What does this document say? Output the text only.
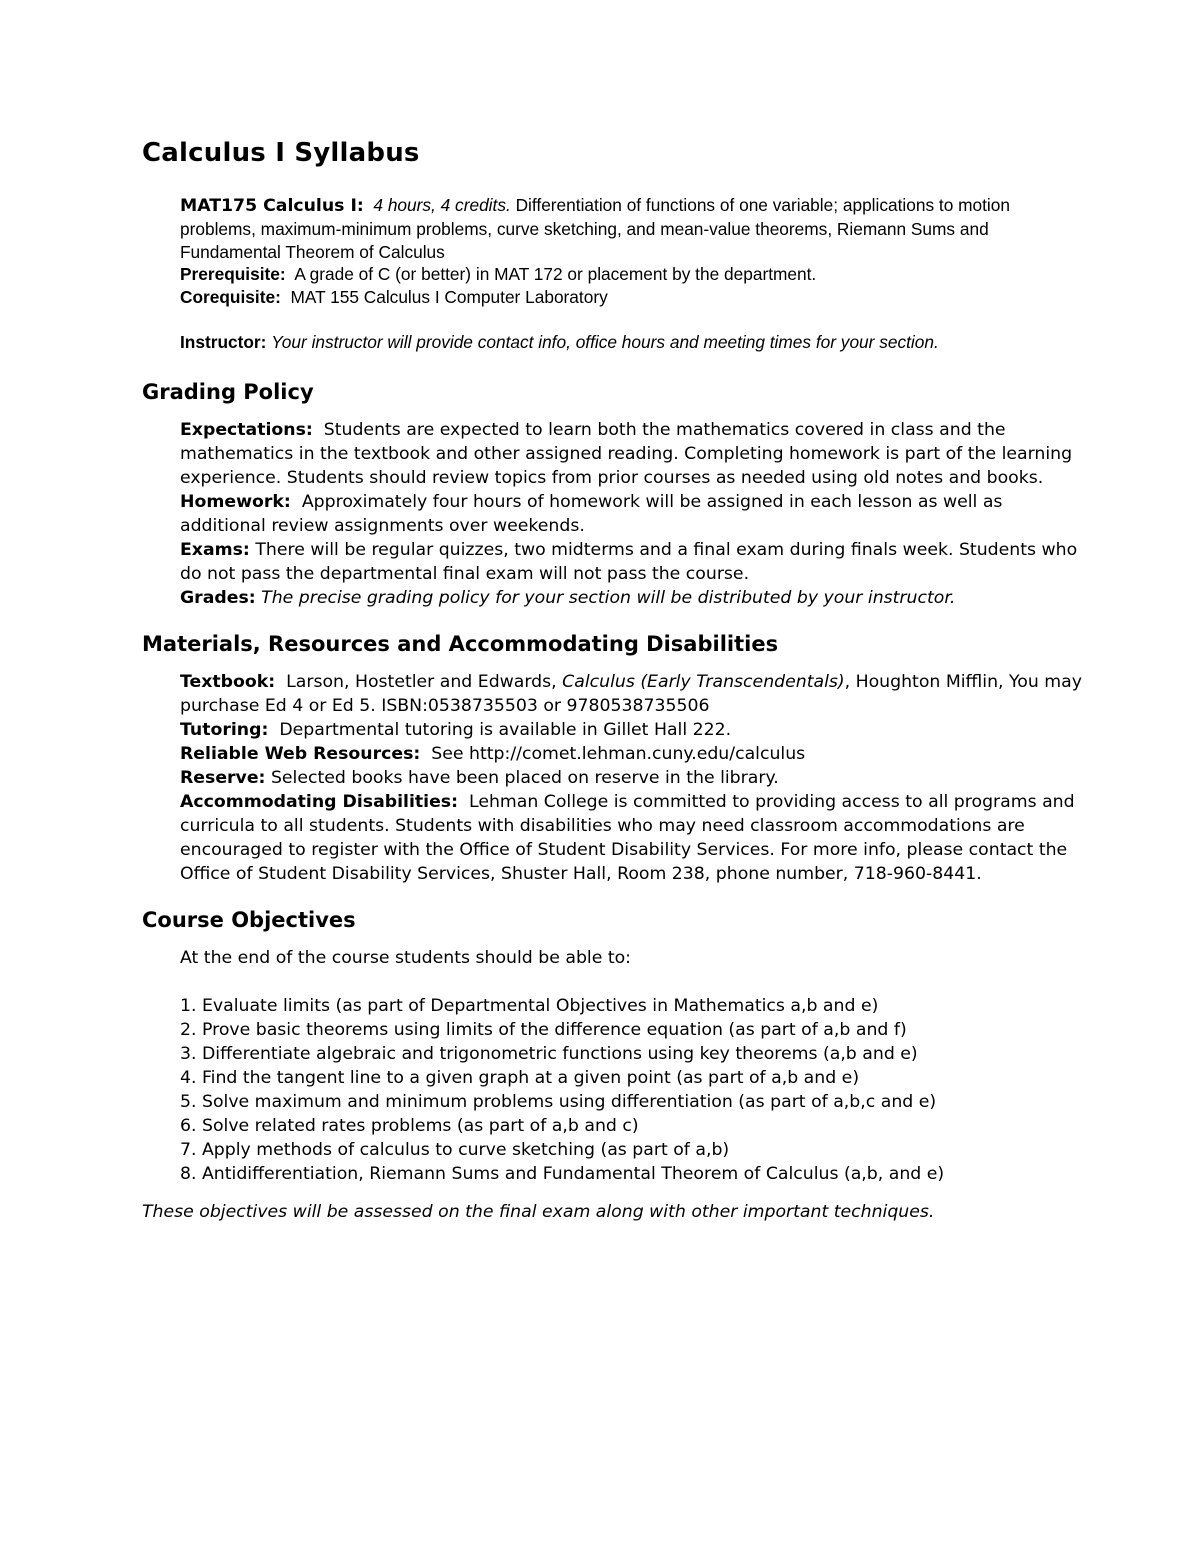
Calculus I Syllabus

MAT175 Calculus I: 4 hours, 4 credits. Differentiation of functions of one variable; applications to motion problems, maximum-minimum problems, curve sketching, and mean-value theorems, Riemann Sums and Fundamental Theorem of Calculus

Prerequisite: A grade of C (or better) in MAT 172 or placement by the department.

Corequisite: MAT 155 Calculus I Computer Laboratory

Instructor: Your instructor will provide contact info, office hours and meeting times for your section.

Grading Policy

Expectations: Students are expected to learn both the mathematics covered in class and the mathematics in the textbook and other assigned reading. Completing homework is part of the learning experience. Students should review topics from prior courses as needed using old notes and books.

Homework: Approximately four hours of homework will be assigned in each lesson as well as additional review assignments over weekends.

Exams: There will be regular quizzes, two midterms and a final exam during finals week. Students who do not pass the departmental final exam will not pass the course.

Grades: The precise grading policy for your section will be distributed by your instructor.

Materials, Resources and Accommodating Disabilities

Textbook: Larson, Hostetler and Edwards, Calculus (Early Transcendentals), Houghton Mifflin, You may purchase Ed 4 or Ed 5. ISBN:0538735503 or 9780538735506

Tutoring: Departmental tutoring is available in Gillet Hall 222.

Reliable Web Resources: See http://comet.lehman.cuny.edu/calculus

Reserve: Selected books have been placed on reserve in the library.

Accommodating Disabilities: Lehman College is committed to providing access to all programs and curricula to all students. Students with disabilities who may need classroom accommodations are encouraged to register with the Office of Student Disability Services. For more info, please contact the Office of Student Disability Services, Shuster Hall, Room 238, phone number, 718-960-8441.

Course Objectives

At the end of the course students should be able to:

1. Evaluate limits (as part of Departmental Objectives in Mathematics a,b and e)
2. Prove basic theorems using limits of the difference equation (as part of a,b and f)
3. Differentiate algebraic and trigonometric functions using key theorems (a,b and e)
4. Find the tangent line to a given graph at a given point (as part of a,b and e)
5. Solve maximum and minimum problems using differentiation (as part of a,b,c and e)
6. Solve related rates problems (as part of a,b and c)
7. Apply methods of calculus to curve sketching (as part of a,b)
8. Antidifferentiation, Riemann Sums and Fundamental Theorem of Calculus (a,b, and e)

These objectives will be assessed on the final exam along with other important techniques.
